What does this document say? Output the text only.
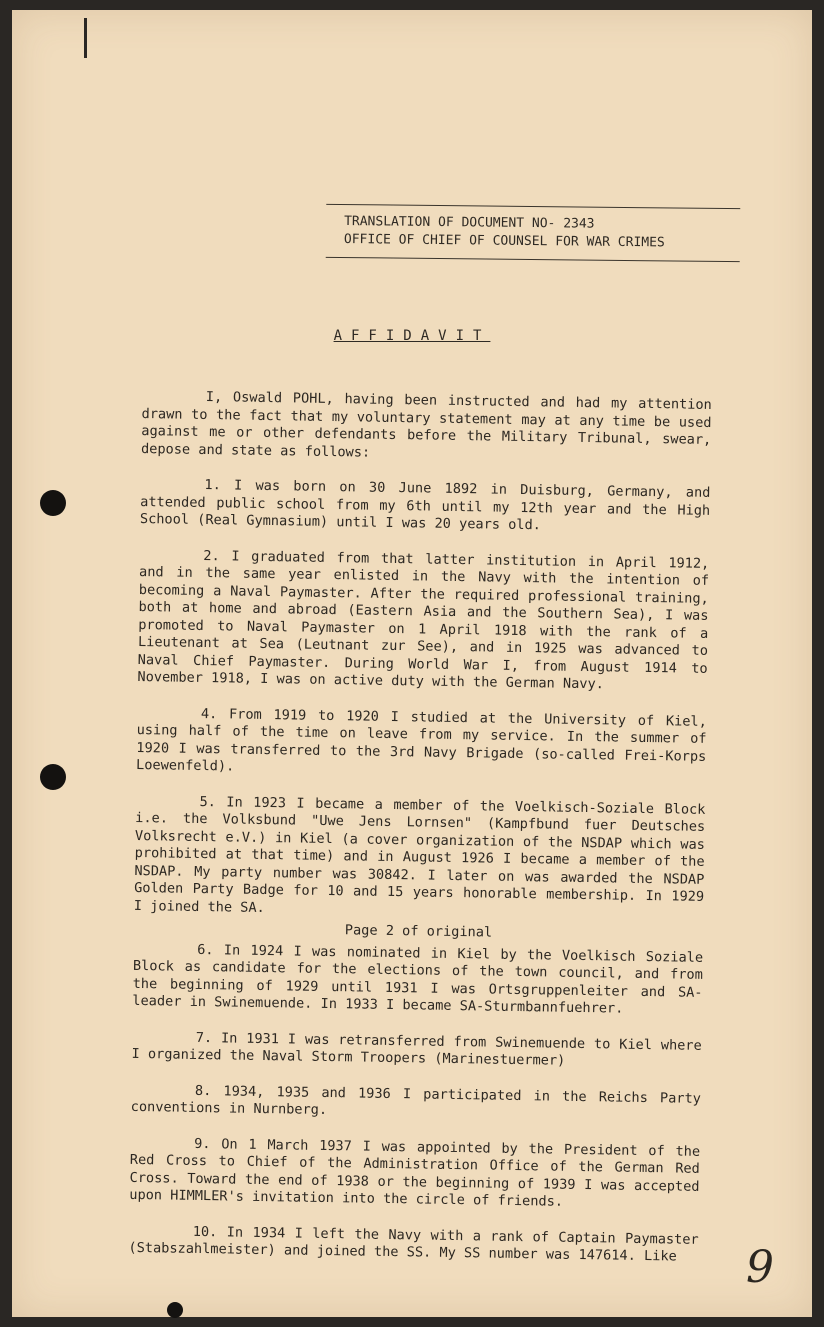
TRANSLATION OF DOCUMENT NO- 2343
OFFICE OF CHIEF OF COUNSEL FOR WAR CRIMES
AFFIDAVIT

I, Oswald POHL, having been instructed and had my attention drawn to the fact that my voluntary statement may at any time be used against me or other defendants before the Military Tribunal, swear, depose and state as follows:

1. I was born on 30 June 1892 in Duisburg, Germany, and attended public school from my 6th until my 12th year and the High School (Real Gymnasium) until I was 20 years old.

2. I graduated from that latter institution in April 1912, and in the same year enlisted in the Navy with the intention of becoming a Naval Paymaster. After the required professional training, both at home and abroad (Eastern Asia and the Southern Sea), I was promoted to Naval Paymaster on 1 April 1918 with the rank of a Lieutenant at Sea (Leutnant zur See), and in 1925 was advanced to Naval Chief Paymaster. During World War I, from August 1914 to November 1918, I was on active duty with the German Navy.

4. From 1919 to 1920 I studied at the University of Kiel, using half of the time on leave from my service. In the summer of 1920 I was transferred to the 3rd Navy Brigade (so-called Frei-Korps Loewenfeld).

5. In 1923 I became a member of the Voelkisch-Soziale Block i.e. the Volksbund "Uwe Jens Lornsen" (Kampfbund fuer Deutsches Volksrecht e.V.) in Kiel (a cover organization of the NSDAP which was prohibited at that time) and in August 1926 I became a member of the NSDAP. My party number was 30842. I later on was awarded the NSDAP Golden Party Badge for 10 and 15 years honorable membership. In 1929 I joined the SA.

Page 2 of original

6. In 1924 I was nominated in Kiel by the Voelkisch Soziale Block as candidate for the elections of the town council, and from the beginning of 1929 until 1931 I was Ortsgruppenleiter and SA-leader in Swinemuende. In 1933 I became SA-Sturmbannfuehrer.

7. In 1931 I was retransferred from Swinemuende to Kiel where I organized the Naval Storm Troopers (Marinestuermer)

8. 1934, 1935 and 1936 I participated in the Reichs Party conventions in Nurnberg.

9. On 1 March 1937 I was appointed by the President of the Red Cross to Chief of the Administration Office of the German Red Cross. Toward the end of 1938 or the beginning of 1939 I was accepted upon HIMMLER's invitation into the circle of friends.

10. In 1934 I left the Navy with a rank of Captain Paymaster (Stabszahlmeister) and joined the SS. My SS number was 147614. Like	9
